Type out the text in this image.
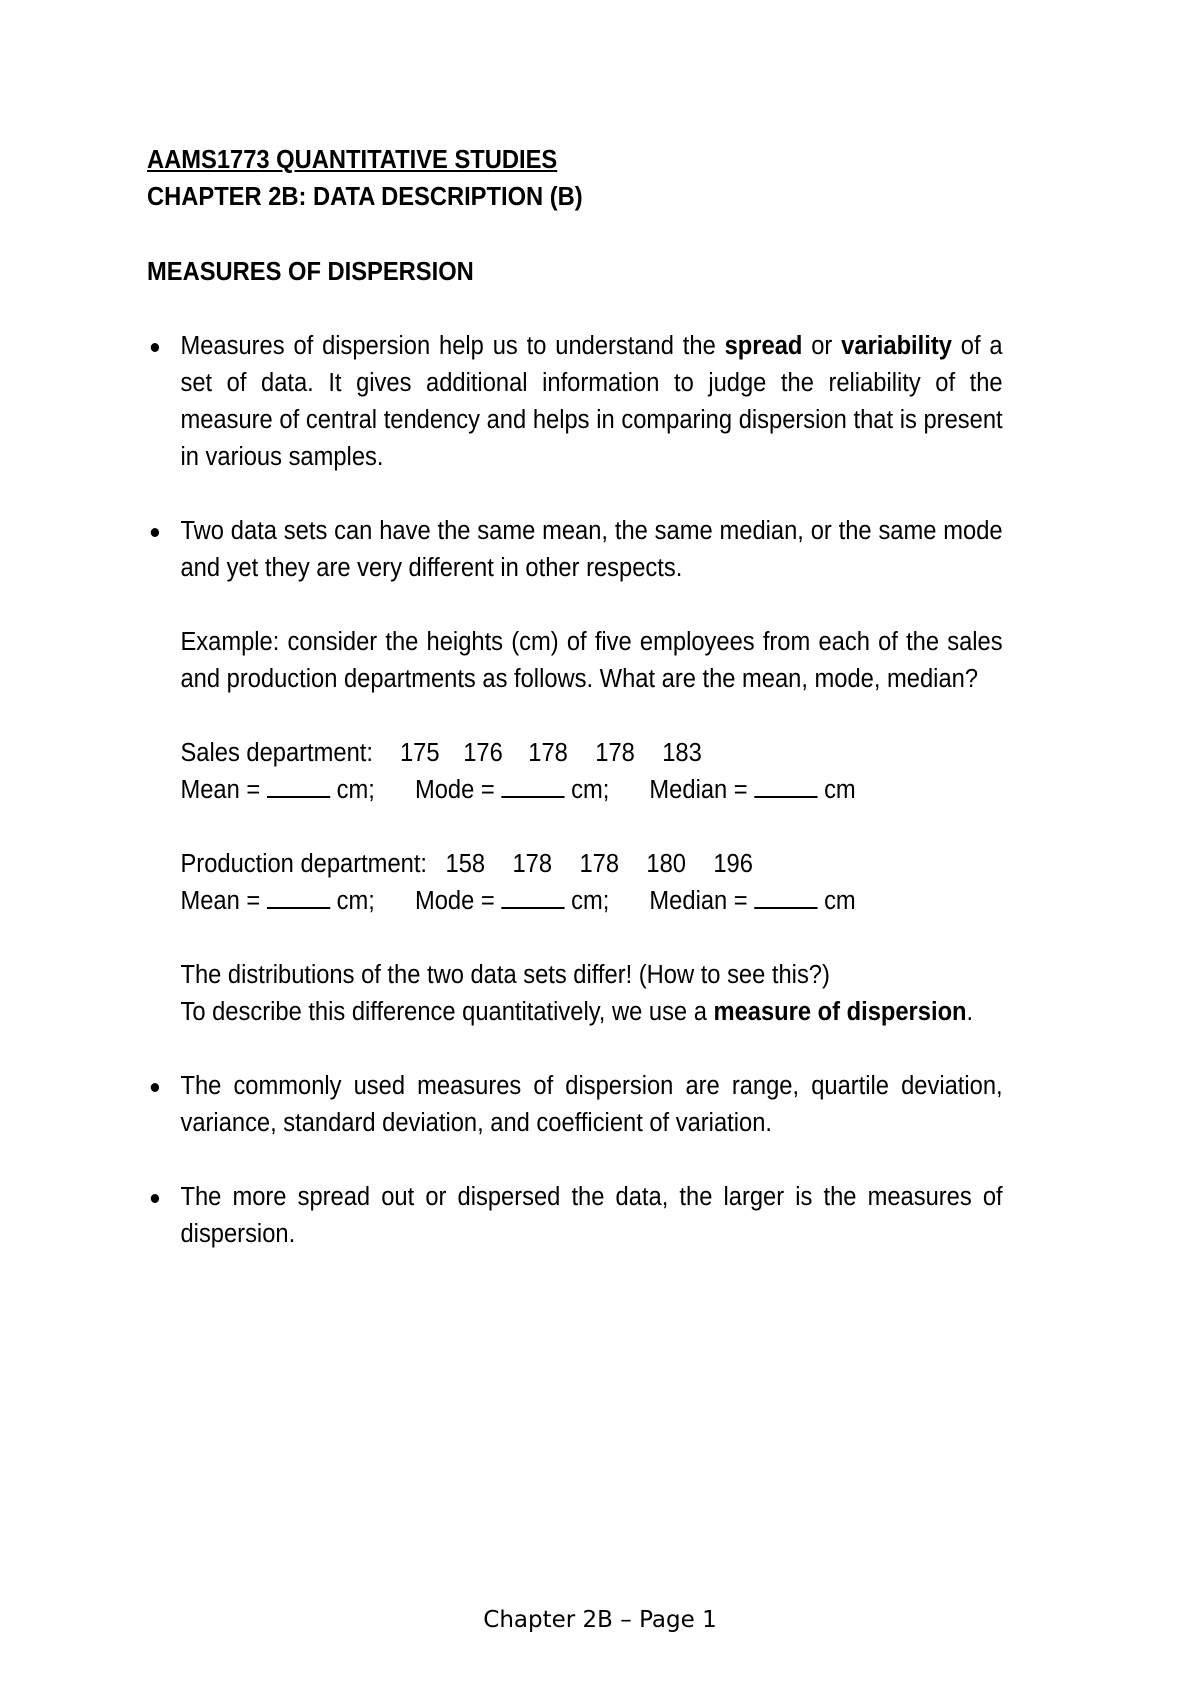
AAMS1773 QUANTITATIVE STUDIES
CHAPTER 2B: DATA DESCRIPTION (B)
MEASURES OF DISPERSION
Measures of dispersion help us to understand the spread or variability of a set of data. It gives additional information to judge the reliability of the measure of central tendency and helps in comparing dispersion that is present in various samples.
Two data sets can have the same mean, the same median, or the same mode and yet they are very different in other respects.
Example: consider the heights (cm) of five employees from each of the sales and production departments as follows. What are the mean, mode, median?
Sales department: 175 176 178 178 183
Mean =  cm; Mode =  cm; Median =  cm
Production department: 158 178 178 180 196
Mean =  cm; Mode =  cm; Median =  cm
The distributions of the two data sets differ! (How to see this?)
To describe this difference quantitatively, we use a measure of dispersion.
The commonly used measures of dispersion are range, quartile deviation, variance, standard deviation, and coefficient of variation.
The more spread out or dispersed the data, the larger is the measures of dispersion.
Chapter 2B – Page 1
